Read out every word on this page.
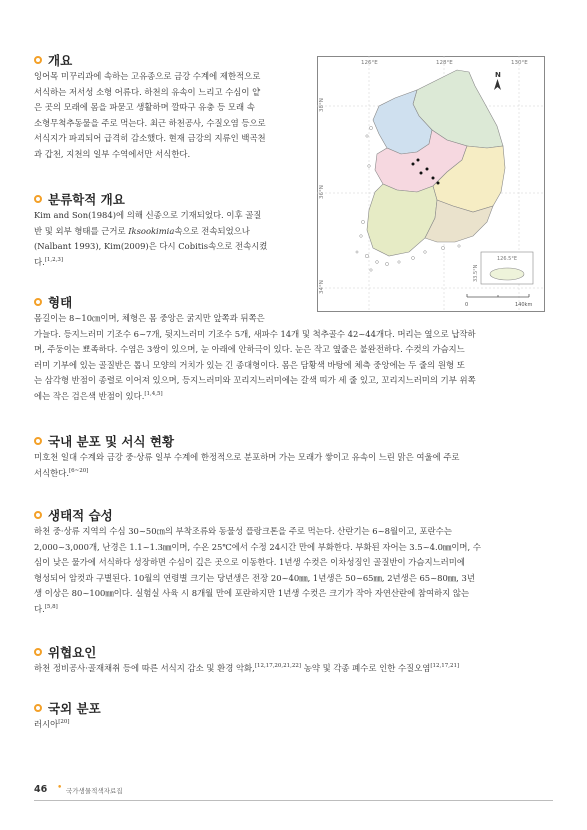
개요
잉어목 미꾸리과에 속하는 고유종으로 금강 수계에 제한적으로
서식하는 저서성 소형 어류다. 하천의 유속이 느리고 수심이 얕
은 곳의 모래에 몸을 파묻고 생활하며 깔따구 유충 등 모래 속
소형무척추동물을 주로 먹는다. 최근 하천공사, 수질오염 등으로
서식지가 파괴되어 급격히 감소했다. 현재 금강의 지류인 백곡천
과 갑천, 지천의 일부 수역에서만 서식한다.
분류학적 개요
Kim and Son(1984)에 의해 신종으로 기재되었다. 이후 골질
반 및 외부 형태를 근거로 Iksookimia속으로 전속되었으나
(Nalbant 1993), Kim(2009)은 다시 Cobitis속으로 전속시켰
다.[1,2,3]
형태
몸길이는 8~10㎝이며, 체형은 몸 중앙은 굵지만 앞쪽과 뒤쪽은
가늘다. 등지느러미 기조수 6~7개, 뒷지느러미 기조수 5개, 새파수 14개 및 척추골수 42~44개다. 머리는 옆으로 납작하
며, 주둥이는 뾰족하다. 수염은 3쌍이 있으며, 눈 아래에 안하극이 있다. 눈은 작고 옆줄은 불완전하다. 수컷의 가슴지느
러미 기부에 있는 골질반은 톱니 모양의 거치가 있는 긴 종대형이다. 몸은 담황색 바탕에 체측 중앙에는 두 줄의 원형 또
는 삼각형 반점이 종렬로 이어져 있으며, 등지느러미와 꼬리지느러미에는 갈색 띠가 세 줄 있고, 꼬리지느러미의 기부 위쪽
에는 작은 검은색 반점이 있다.[1,4,5]
국내 분포 및 서식 현황
미호천 일대 수계와 금강 중·상류 일부 수계에 한정적으로 분포하며 가는 모래가 쌓이고 유속이 느린 맑은 여울에 주로
서식한다.[6~20]
생태적 습성
하천 중·상류 지역의 수심 30~50㎝의 부착조류와 동물성 플랑크톤을 주로 먹는다. 산란기는 6~8월이고, 포란수는
2,000~3,000개, 난경은 1.1~1.3㎜이며, 수온 25℃에서 수정 24시간 만에 부화한다. 부화된 자어는 3.5~4.0㎜이며, 수
심이 낮은 물가에 서식하다 성장하면 수심이 깊은 곳으로 이동한다. 1년생 수컷은 이차성징인 골질반이 가슴지느러미에
형성되어 암컷과 구별된다. 10월의 연령별 크기는 당년생은 전장 20~40㎜, 1년생은 50~65㎜, 2년생은 65~80㎜, 3년
생 이상은 80~100㎜이다. 실험실 사육 시 8개월 만에 포란하지만 1년생 수컷은 크기가 작아 자연산란에 참여하지 않는
다.[5,8]
위협요인
하천 정비공사·골재채취 등에 따른 서식지 감소 및 환경 악화,[12,17,20,21,22] 농약 및 각종 폐수로 인한 수질오염[12,17,21]
국외 분포
러시아[20]
126°E	128°E	130°E
38°N
36°N
34°N
N
126.5°E
33.5°N
0	140km
46 • 국가생물적색자료집
